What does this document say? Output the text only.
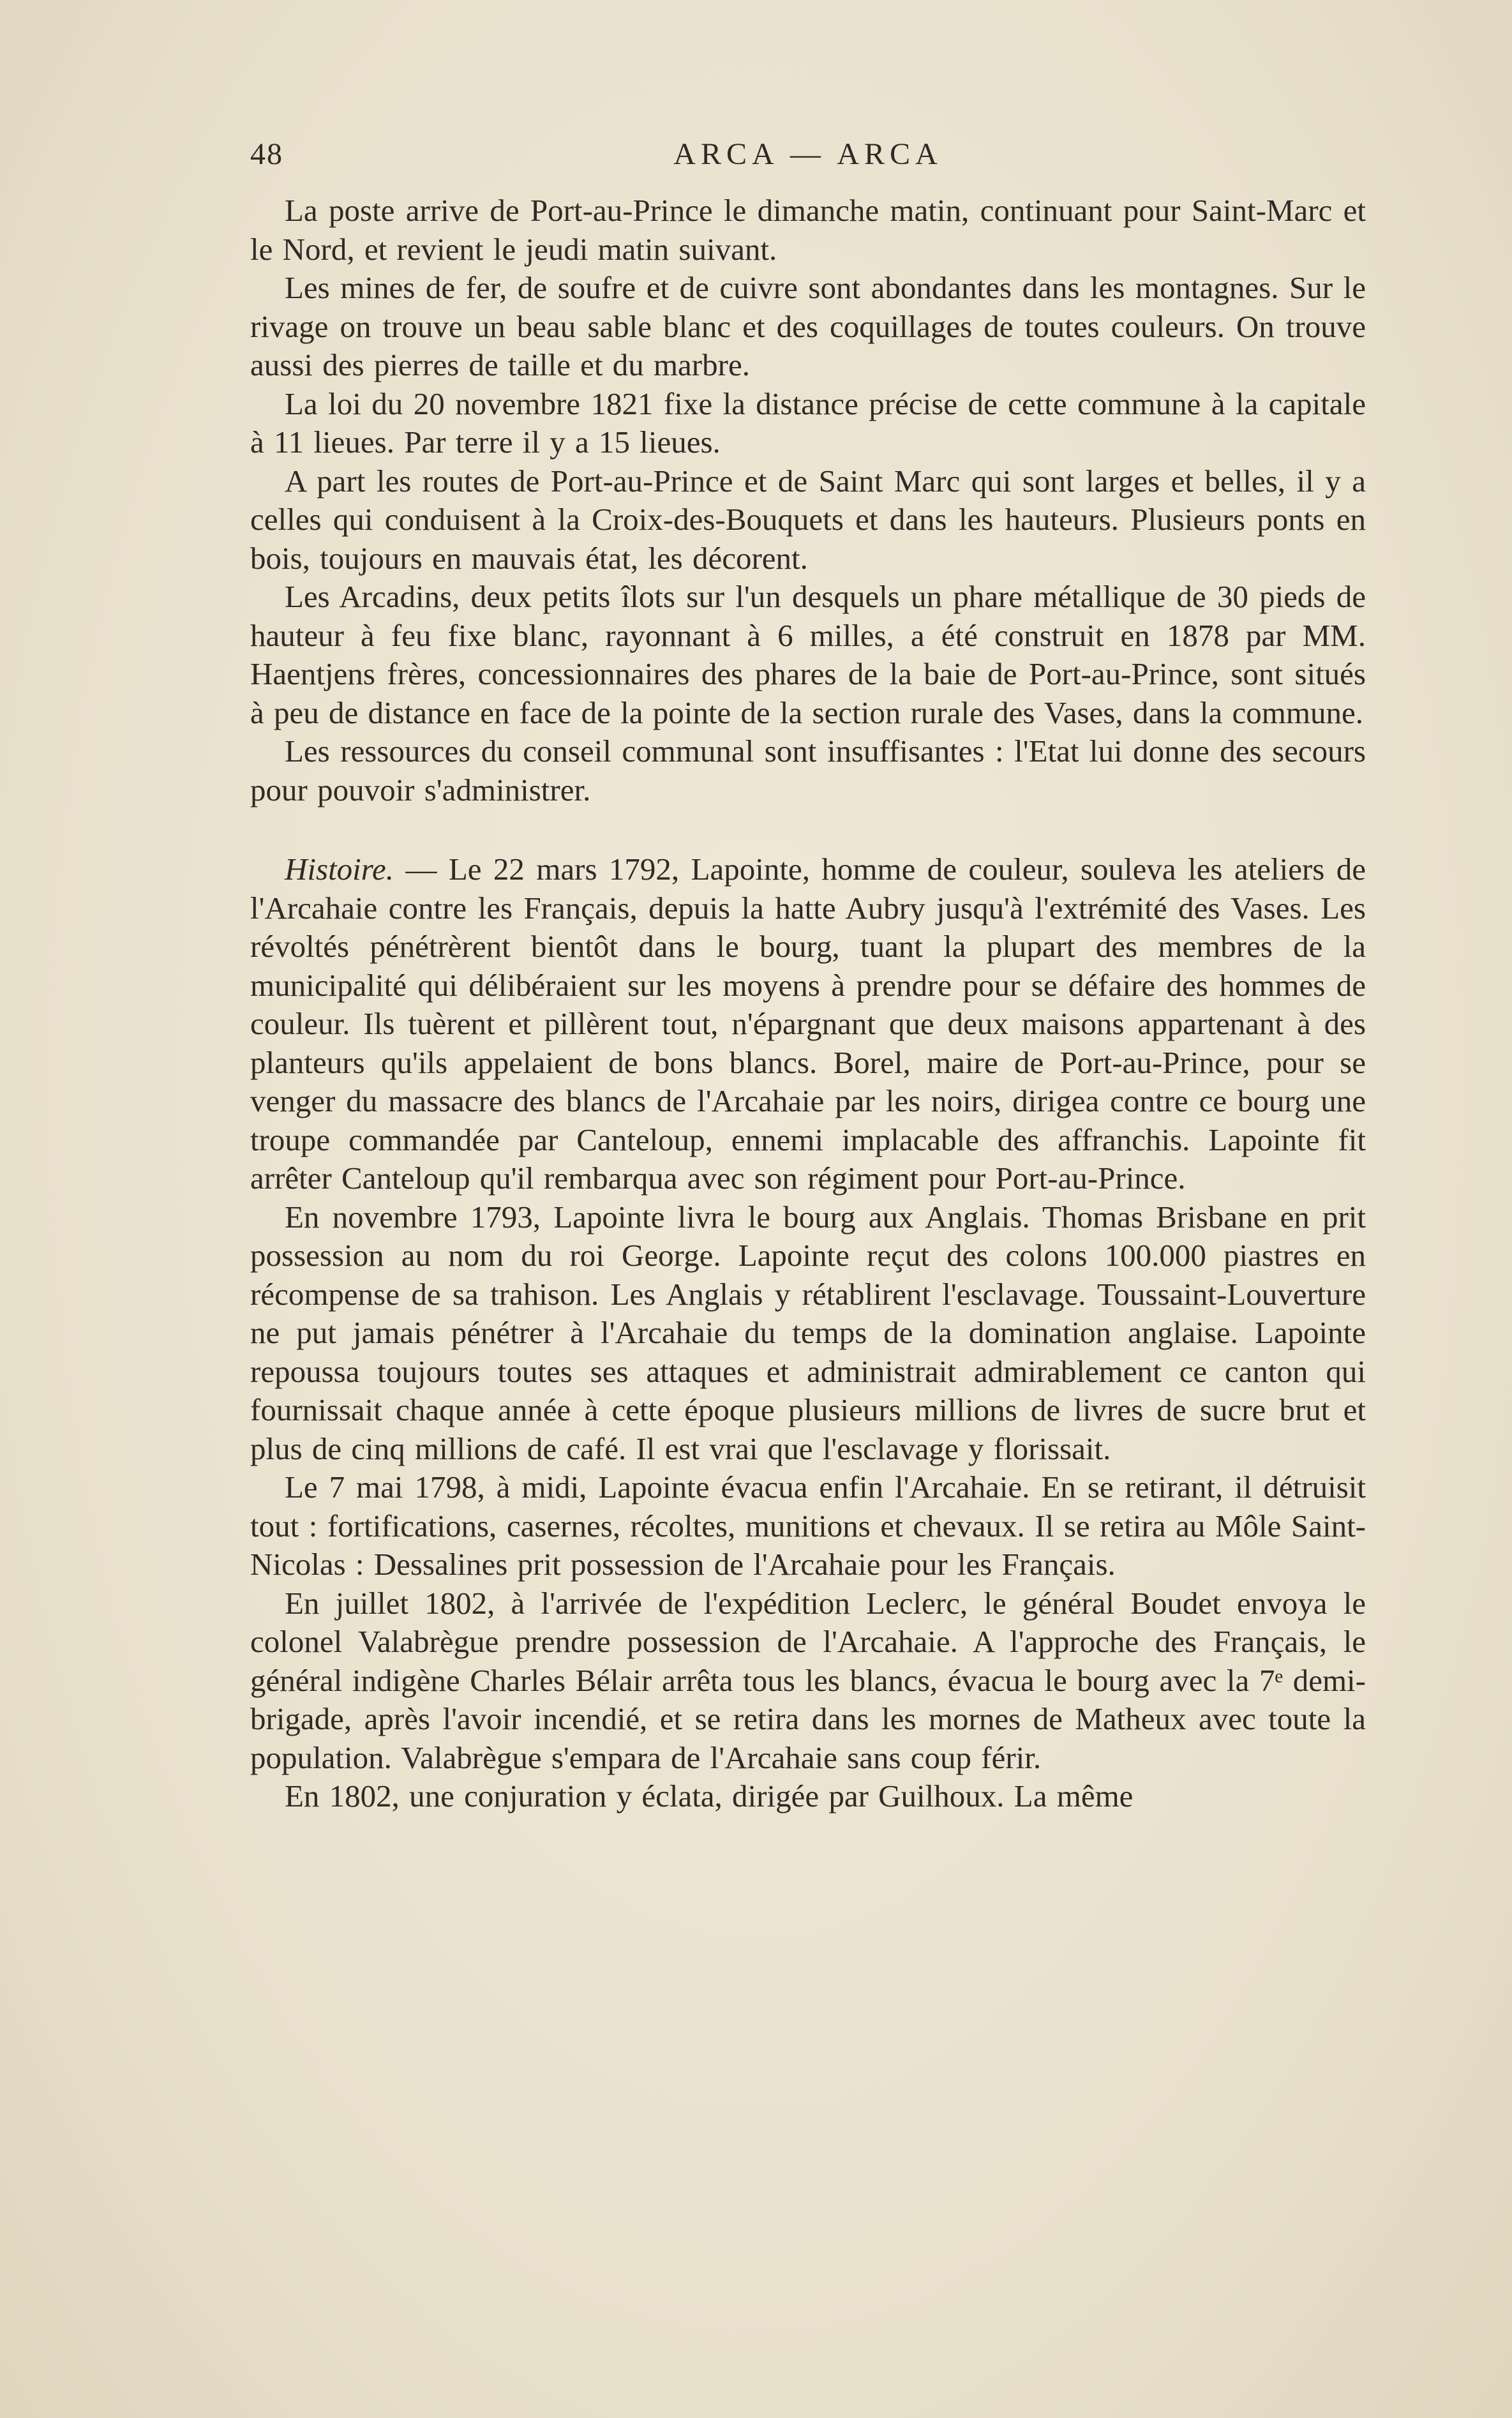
48	ARCA — ARCA

La poste arrive de Port-au-Prince le dimanche matin, continuant pour Saint-Marc et le Nord, et revient le jeudi matin suivant.

Les mines de fer, de soufre et de cuivre sont abondantes dans les montagnes. Sur le rivage on trouve un beau sable blanc et des coquillages de toutes couleurs. On trouve aussi des pierres de taille et du marbre.

La loi du 20 novembre 1821 fixe la distance précise de cette commune à la capitale à 11 lieues. Par terre il y a 15 lieues.

A part les routes de Port-au-Prince et de Saint Marc qui sont larges et belles, il y a celles qui conduisent à la Croix-des-Bouquets et dans les hauteurs. Plusieurs ponts en bois, toujours en mauvais état, les décorent.

Les Arcadins, deux petits îlots sur l'un desquels un phare métallique de 30 pieds de hauteur à feu fixe blanc, rayonnant à 6 milles, a été construit en 1878 par MM. Haentjens frères, concessionnaires des phares de la baie de Port-au-Prince, sont situés à peu de distance en face de la pointe de la section rurale des Vases, dans la commune.

Les ressources du conseil communal sont insuffisantes : l'Etat lui donne des secours pour pouvoir s'administrer.

Histoire. — Le 22 mars 1792, Lapointe, homme de couleur, souleva les ateliers de l'Arcahaie contre les Français, depuis la hatte Aubry jusqu'à l'extrémité des Vases. Les révoltés pénétrèrent bientôt dans le bourg, tuant la plupart des membres de la municipalité qui délibéraient sur les moyens à prendre pour se défaire des hommes de couleur. Ils tuèrent et pillèrent tout, n'épargnant que deux maisons appartenant à des planteurs qu'ils appelaient de bons blancs. Borel, maire de Port-au-Prince, pour se venger du massacre des blancs de l'Arcahaie par les noirs, dirigea contre ce bourg une troupe commandée par Canteloup, ennemi implacable des affranchis. Lapointe fit arrêter Canteloup qu'il rembarqua avec son régiment pour Port-au-Prince.

En novembre 1793, Lapointe livra le bourg aux Anglais. Thomas Brisbane en prit possession au nom du roi George. Lapointe reçut des colons 100.000 piastres en récompense de sa trahison. Les Anglais y rétablirent l'esclavage. Toussaint-Louverture ne put jamais pénétrer à l'Arcahaie du temps de la domination anglaise. Lapointe repoussa toujours toutes ses attaques et administrait admirablement ce canton qui fournissait chaque année à cette époque plusieurs millions de livres de sucre brut et plus de cinq millions de café. Il est vrai que l'esclavage y florissait.

Le 7 mai 1798, à midi, Lapointe évacua enfin l'Arcahaie. En se retirant, il détruisit tout : fortifications, casernes, récoltes, munitions et chevaux. Il se retira au Môle Saint-Nicolas : Dessalines prit possession de l'Arcahaie pour les Français.

En juillet 1802, à l'arrivée de l'expédition Leclerc, le général Boudet envoya le colonel Valabrègue prendre possession de l'Arcahaie. A l'approche des Français, le général indigène Charles Bélair arrêta tous les blancs, évacua le bourg avec la 7ᵉ demi-brigade, après l'avoir incendié, et se retira dans les mornes de Matheux avec toute la population. Valabrègue s'empara de l'Arcahaie sans coup férir.

En 1802, une conjuration y éclata, dirigée par Guilhoux. La même
